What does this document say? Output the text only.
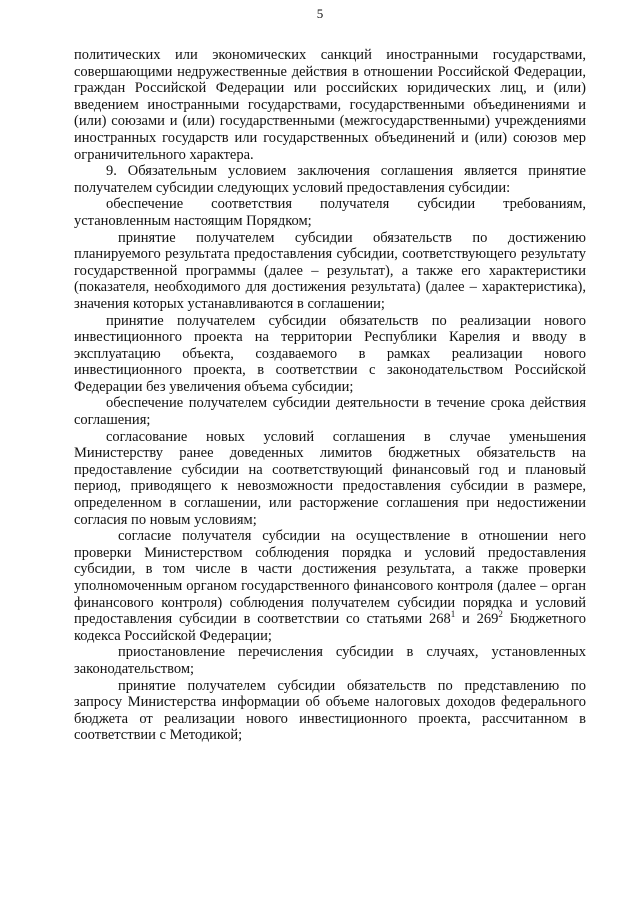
5

политических или экономических санкций иностранными государствами, совершающими недружественные действия в отношении Российской Федерации, граждан Российской Федерации или российских юридических лиц, и (или) введением иностранными государствами, государственными объединениями и (или) союзами и (или) государственными (межгосударственными) учреждениями иностранных государств или государственных объединений и (или) союзов мер ограничительного характера.

9. Обязательным условием заключения соглашения является принятие получателем субсидии следующих условий предоставления субсидии:

обеспечение соответствия получателя субсидии требованиям, установленным настоящим Порядком;

принятие получателем субсидии обязательств по достижению планируемого результата предоставления субсидии, соответствующего результату государственной программы (далее – результат), а также его характеристики (показателя, необходимого для достижения результата) (далее – характеристика), значения которых устанавливаются в соглашении;

принятие получателем субсидии обязательств по реализации нового инвестиционного проекта на территории Республики Карелия и вводу в эксплуатацию объекта, создаваемого в рамках реализации нового инвестиционного проекта, в соответствии с законодательством Российской Федерации без увеличения объема субсидии;

обеспечение получателем субсидии деятельности в течение срока действия соглашения;

согласование новых условий соглашения в случае уменьшения Министерству ранее доведенных лимитов бюджетных обязательств на предоставление субсидии на соответствующий финансовый год и плановый период, приводящего к невозможности предоставления субсидии в размере, определенном в соглашении, или расторжение соглашения при недостижении согласия по новым условиям;

согласие получателя субсидии на осуществление в отношении него проверки Министерством соблюдения порядка и условий предоставления субсидии, в том числе в части достижения результата, а также проверки уполномоченным органом государственного финансового контроля (далее – орган финансового контроля) соблюдения получателем субсидии порядка и условий предоставления субсидии в соответствии со статьями $268^1$ и $269^2$ Бюджетного кодекса Российской Федерации;

приостановление перечисления субсидии в случаях, установленных законодательством;

принятие получателем субсидии обязательств по представлению по запросу Министерства информации об объеме налоговых доходов федерального бюджета от реализации нового инвестиционного проекта, рассчитанном в соответствии с Методикой;
